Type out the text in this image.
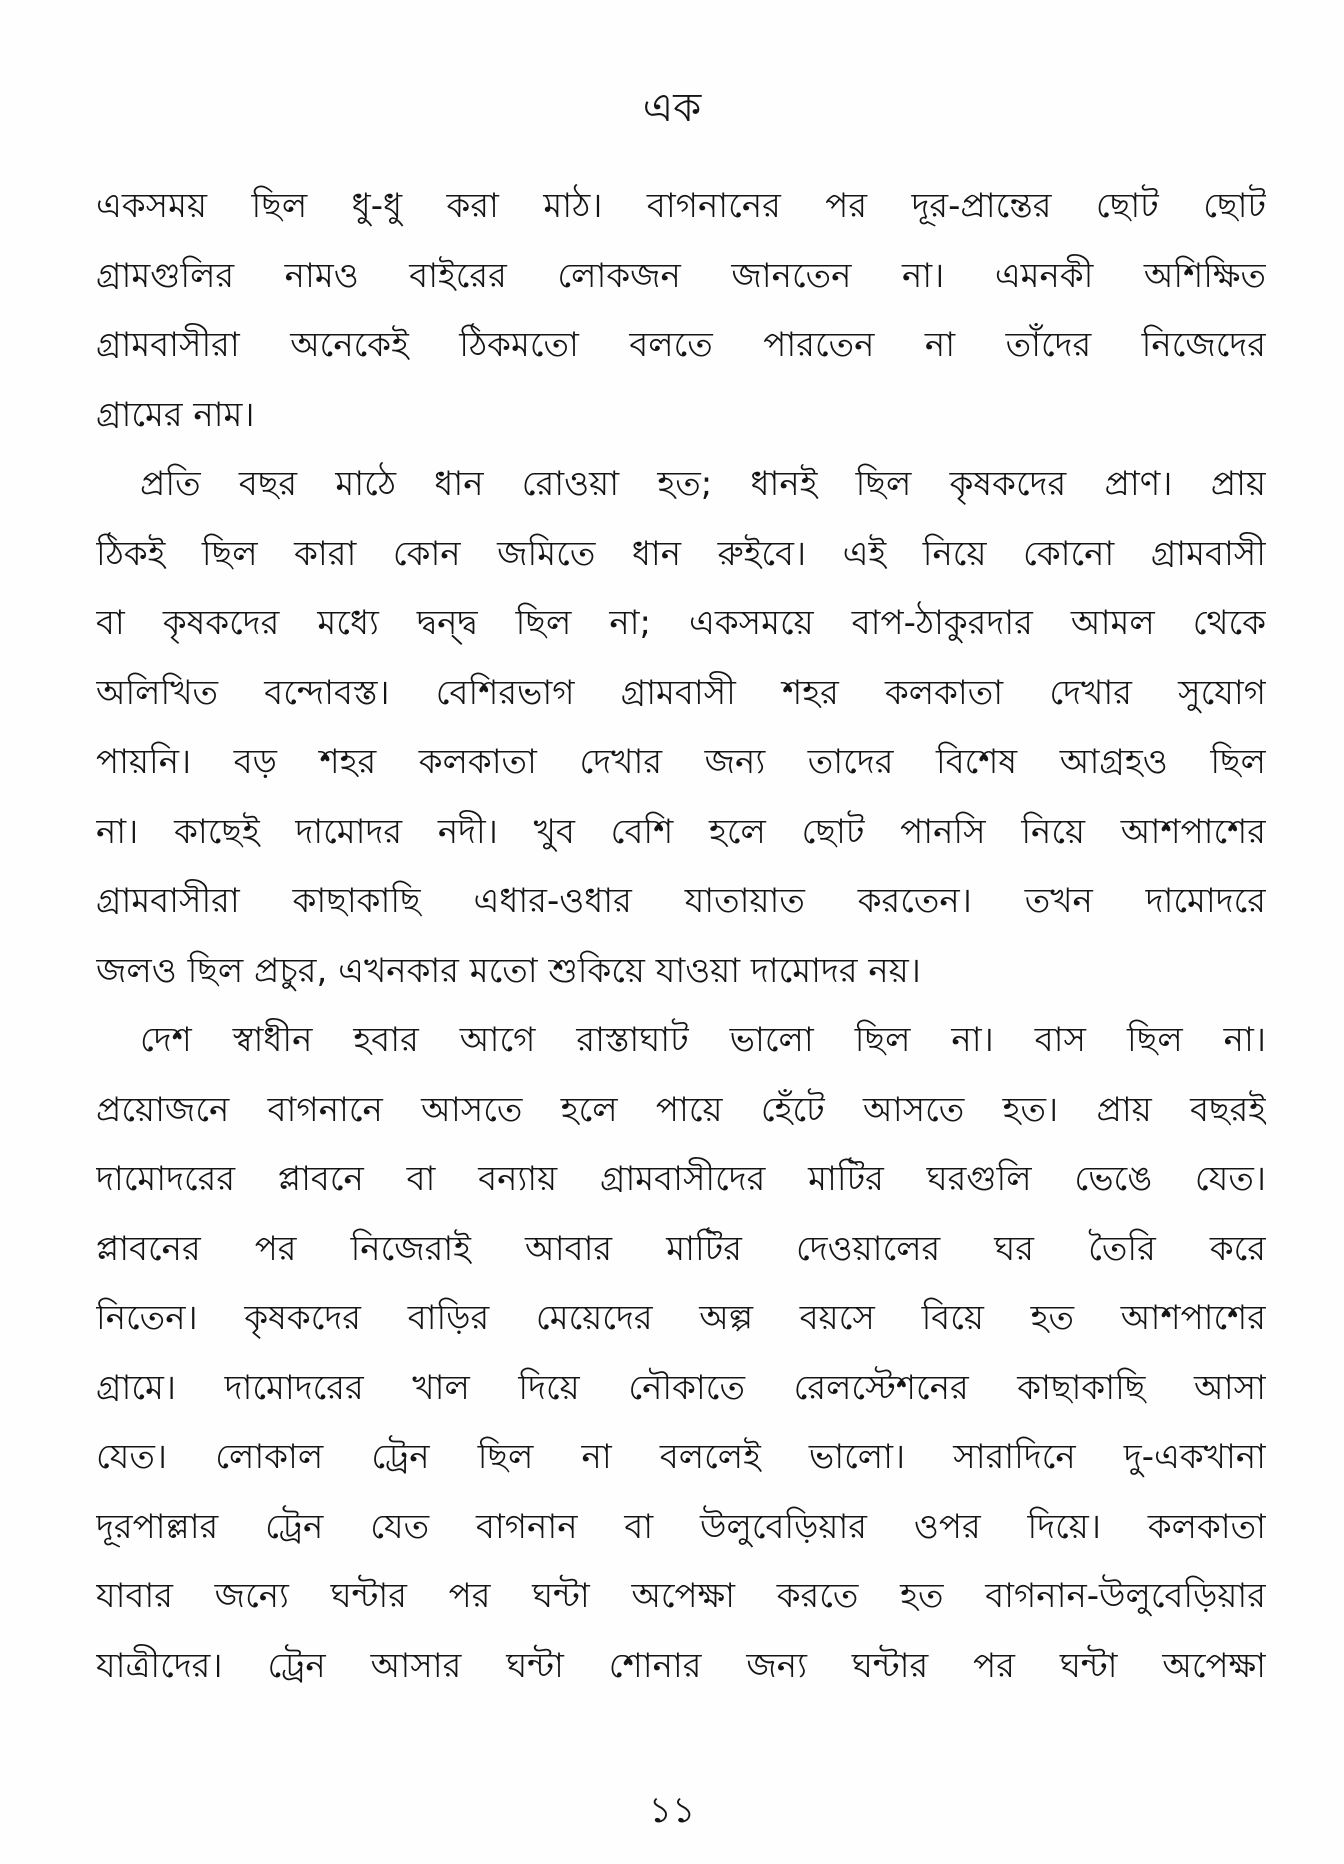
এক

একসময় ছিল ধু-ধু করা মাঠ। বাগনানের পর দূর-প্রান্তের ছোট ছোট
গ্রামগুলির নামও বাইরের লোকজন জানতেন না। এমনকী অশিক্ষিত
গ্রামবাসীরা অনেকেই ঠিকমতো বলতে পারতেন না তাঁদের নিজেদের
গ্রামের নাম।

প্রতি বছর মাঠে ধান রোওয়া হত; ধানই ছিল কৃষকদের প্রাণ। প্রায়
ঠিকই ছিল কারা কোন জমিতে ধান রুইবে। এই নিয়ে কোনো গ্রামবাসী
বা কৃষকদের মধ্যে দ্বন্দ্ব ছিল না; একসময়ে বাপ-ঠাকুরদার আমল থেকে
অলিখিত বন্দোবস্ত। বেশিরভাগ গ্রামবাসী শহর কলকাতা দেখার সুযোগ
পায়নি। বড় শহর কলকাতা দেখার জন্য তাদের বিশেষ আগ্রহও ছিল
না। কাছেই দামোদর নদী। খুব বেশি হলে ছোট পানসি নিয়ে আশপাশের
গ্রামবাসীরা কাছাকাছি এধার-ওধার যাতায়াত করতেন। তখন দামোদরে
জলও ছিল প্রচুর, এখনকার মতো শুকিয়ে যাওয়া দামোদর নয়।

দেশ স্বাধীন হবার আগে রাস্তাঘাট ভালো ছিল না। বাস ছিল না।
প্রয়োজনে বাগনানে আসতে হলে পায়ে হেঁটে আসতে হত। প্রায় বছরই
দামোদরের প্লাবনে বা বন্যায় গ্রামবাসীদের মাটির ঘরগুলি ভেঙে যেত।
প্লাবনের পর নিজেরাই আবার মাটির দেওয়ালের ঘর তৈরি করে
নিতেন। কৃষকদের বাড়ির মেয়েদের অল্প বয়সে বিয়ে হত আশপাশের
গ্রামে। দামোদরের খাল দিয়ে নৌকাতে রেলস্টেশনের কাছাকাছি আসা
যেত। লোকাল ট্রেন ছিল না বললেই ভালো। সারাদিনে দু-একখানা
দূরপাল্লার ট্রেন যেত বাগনান বা উলুবেড়িয়ার ওপর দিয়ে। কলকাতা
যাবার জন্যে ঘন্টার পর ঘন্টা অপেক্ষা করতে হত বাগনান-উলুবেড়িয়ার
যাত্রীদের। ট্রেন আসার ঘন্টা শোনার জন্য ঘন্টার পর ঘন্টা অপেক্ষা

১১
